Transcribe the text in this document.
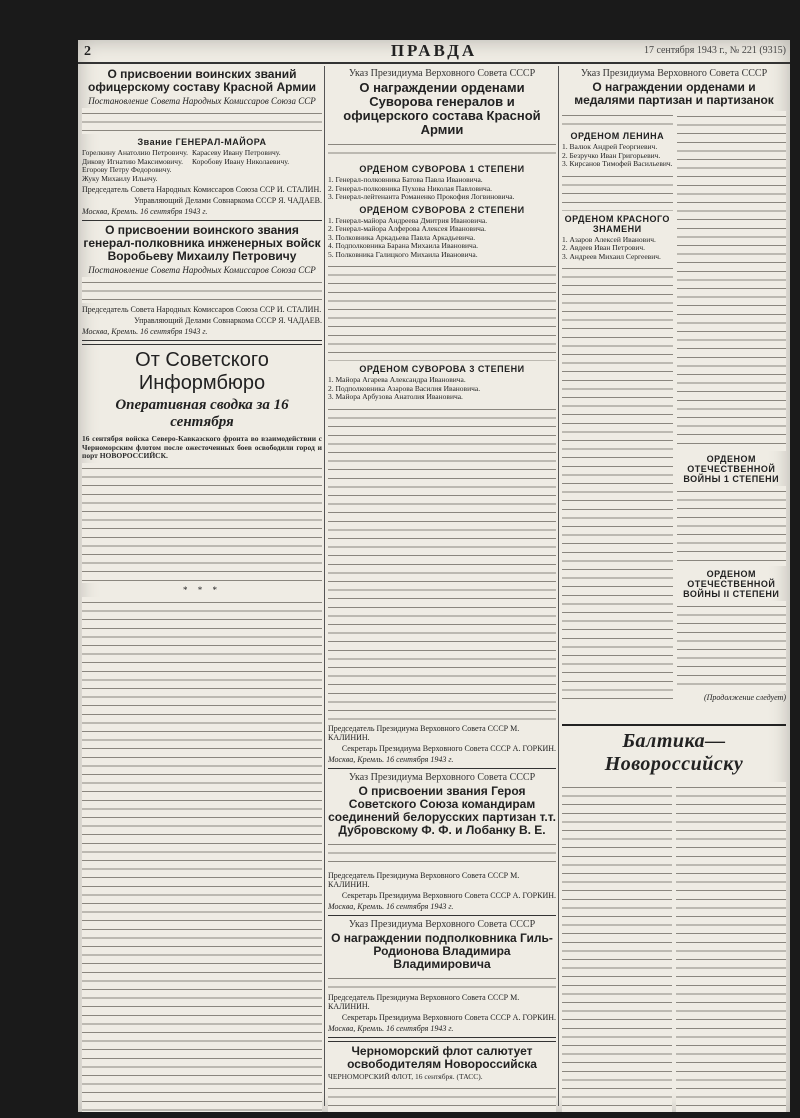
2	ПРАВДА	17 сентября 1943 г., № 221 (9315)
О присвоении воинских званий офицерскому составу Красной Армии
Постановление Совета Народных Комиссаров Союза ССР
Звание ГЕНЕРАЛ-МАЙОРА
Горелкину Анатолию Петровичу.
Дикову Игнатию Максимовичу.
Егорову Петру Федоровичу.
Жуку Михаилу Ильичу.
Карасеву Ивану Петровичу.
Коробову Ивану Николаевичу.
Председатель Совета Народных Комиссаров Союза ССР И. СТАЛИН.
Управляющий Делами Совнаркома СССР Я. ЧАДАЕВ.
Москва, Кремль. 16 сентября 1943 г.
О присвоении воинского звания генерал-полковника инженерных войск Воробьеву Михаилу Петровичу
Постановление Совета Народных Комиссаров Союза ССР
Председатель Совета Народных Комиссаров Союза ССР И. СТАЛИН.
Управляющий Делами Совнаркома СССР Я. ЧАДАЕВ.
Москва, Кремль. 16 сентября 1943 г.
От Советского Информбюро
Оперативная сводка за 16 сентября

16 сентября войска Северо-Кавказского фронта во взаимодействии с Черноморским флотом после ожесточенных боев освободили город и порт НОВОРОССИЙСК.

* * *
Указ Президиума Верховного Совета СССР
О награждении орденами Суворова генералов и офицерского состава Красной Армии
ОРДЕНОМ СУВОРОВА 1 СТЕПЕНИ
1. Генерал-полковника Батова Павла Ивановича.
2. Генерал-полковника Пухова Николая Павловича.
3. Генерал-лейтенанта Романенко Прокофия Логвиновича.
ОРДЕНОМ СУВОРОВА 2 СТЕПЕНИ
1. Генерал-майора Андреева Дмитрия Ивановича.
2. Генерал-майора Алферова Алексея Ивановича.
3. Полковника Аркадьева Павла Аркадьевича.
4. Подполковника Барана Михаила Ивановича.
5. Полковника Галицкого Михаила Ивановича.
ОРДЕНОМ СУВОРОВА 3 СТЕПЕНИ
1. Майора Агарева Александра Ивановича.
2. Подполковника Азарова Василия Ивановича.
3. Майора Арбузова Анатолия Ивановича.
Председатель Президиума Верховного Совета СССР М. КАЛИНИН.
Секретарь Президиума Верховного Совета СССР А. ГОРКИН.
Москва, Кремль. 16 сентября 1943 г.
Указ Президиума Верховного Совета СССР
О присвоении звания Героя Советского Союза командирам соединений белорусских партизан т.т. Дубровскому Ф. Ф. и Лобанку В. Е.
Председатель Президиума Верховного Совета СССР М. КАЛИНИН.
Секретарь Президиума Верховного Совета СССР А. ГОРКИН.
Москва, Кремль. 16 сентября 1943 г.
Указ Президиума Верховного Совета СССР
О награждении подполковника Гиль-Родионова Владимира Владимировича
Председатель Президиума Верховного Совета СССР М. КАЛИНИН.
Секретарь Президиума Верховного Совета СССР А. ГОРКИН.
Москва, Кремль. 16 сентября 1943 г.
Черноморский флот салютует освободителям Новороссийска

ЧЕРНОМОРСКИЙ ФЛОТ, 16 сентября. (ТАСС).

Указ Президиума Верховного Совета СССР
О награждении орденами и медалями партизан и партизанок
ОРДЕНОМ ЛЕНИНА
1. Валюк Андрей Георгиевич.
2. Безручко Иван Григорьевич.
3. Кирсанов Тимофей Васильевич.
ОРДЕНОМ КРАСНОГО ЗНАМЕНИ
1. Азаров Алексей Иванович.
2. Авдеев Иван Петрович.
3. Андреев Михаил Сергеевич.
ОРДЕНОМ ОТЕЧЕСТВЕННОЙ ВОЙНЫ 1 СТЕПЕНИ
ОРДЕНОМ ОТЕЧЕСТВЕННОЙ ВОЙНЫ II СТЕПЕНИ
(Продолжение следует)
Балтика—Новороссийску
